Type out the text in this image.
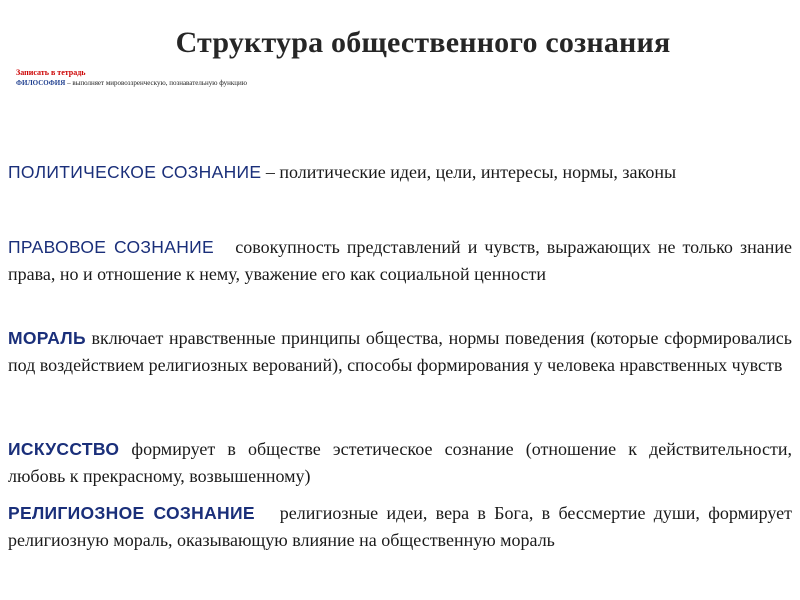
Структура общественного сознания
Записать в тетрадь
ФИЛОСОФИЯ – выполняет мировоззренческую, познавательную функцию

ПОЛИТИЧЕСКОЕ СОЗНАНИЕ – политические идеи, цели, интересы, нормы, законы

ПРАВОВОЕ СОЗНАНИЕ   совокупность представлений и чувств, выражающих не только знание права, но и отношение к нему, уважение его как социальной ценности

МОРАЛЬ включает нравственные принципы общества, нормы поведения (которые сформировались под воздействием религиозных верований), способы формирования у человека нравственных чувств

ИСКУССТВО формирует в обществе эстетическое сознание (отношение к действительности, любовь к прекрасному, возвышенному)

РЕЛИГИОЗНОЕ СОЗНАНИЕ   религиозные идеи, вера в Бога, в бессмертие души, формирует религиозную мораль, оказывающую влияние на общественную мораль
